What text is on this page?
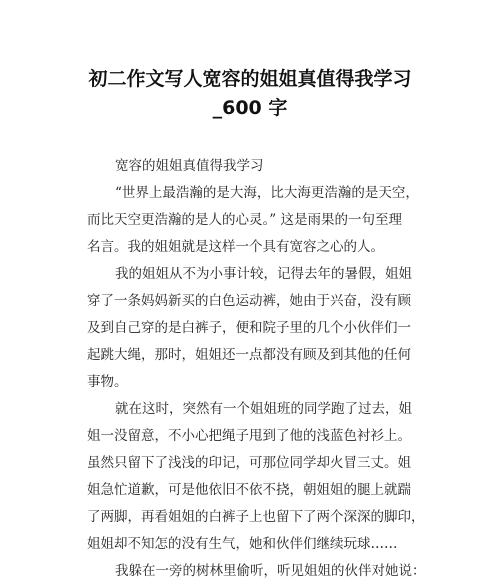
初二作文写人宽容的姐姐真值得我学习
_600 字
宽容的姐姐真值得我学习
“世界上最浩瀚的是大海，比大海更浩瀚的是天空，
而比天空更浩瀚的是人的心灵。” 这是雨果的一句至理
名言。我的姐姐就是这样一个具有宽容之心的人。
我的姐姐从不为小事计较，记得去年的暑假，姐姐
穿了一条妈妈新买的白色运动裤，她由于兴奋，没有顾
及到自己穿的是白裤子，便和院子里的几个小伙伴们一
起跳大绳，那时，姐姐还一点都没有顾及到其他的任何
事物。
就在这时，突然有一个姐姐班的同学跑了过去，姐
姐一没留意，不小心把绳子甩到了他的浅蓝色衬衫上。
虽然只留下了浅浅的印记，可那位同学却火冒三丈。姐
姐急忙道歉，可是他依旧不依不挠，朝姐姐的腿上就踹
了两脚，再看姐姐的白裤子上也留下了两个深深的脚印，
姐姐却不知怎的没有生气，她和伙伴们继续玩球……
我躲在一旁的树林里偷听，听见姐姐的伙伴对她说：
